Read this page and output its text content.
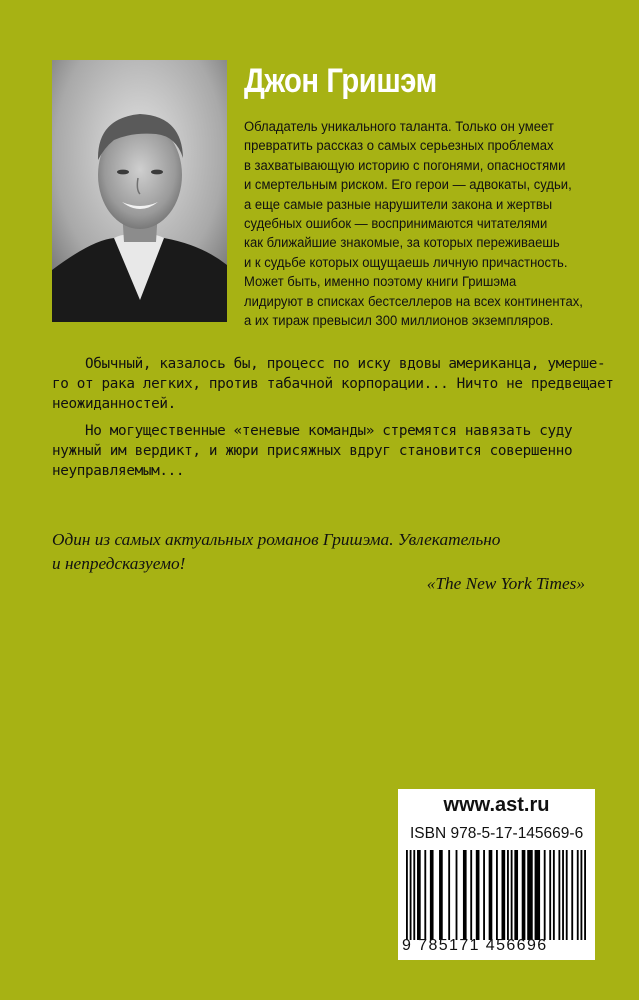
Джон Гришэм
Обладатель уникального таланта. Только он умеет
превратить рассказ о самых серьезных проблемах
в захватывающую историю с погонями, опасностями
и смертельным риском. Его герои — адвокаты, судьи,
а еще самые разные нарушители закона и жертвы
судебных ошибок — воспринимаются читателями
как ближайшие знакомые, за которых переживаешь
и к судьбе которых ощущаешь личную причастность.
Может быть, именно поэтому книги Гришэма
лидируют в списках бестселлеров на всех континентах,
а их тираж превысил 300 миллионов экземпляров.

Обычный, казалось бы, процесс по иску вдовы американца, умерше-
го от рака легких, против табачной корпорации... Ничто не предвещает
неожиданностей.

Но могущественные «теневые команды» стремятся навязать суду
нужный им вердикт, и жюри присяжных вдруг становится совершенно
неуправляемым...

Один из самых актуальных романов Гришэма. Увлекательно
и непредсказуемо!
«The New York Times»
www.ast.ru
ISBN 978-5-17-145669-6
9 785171 456696
